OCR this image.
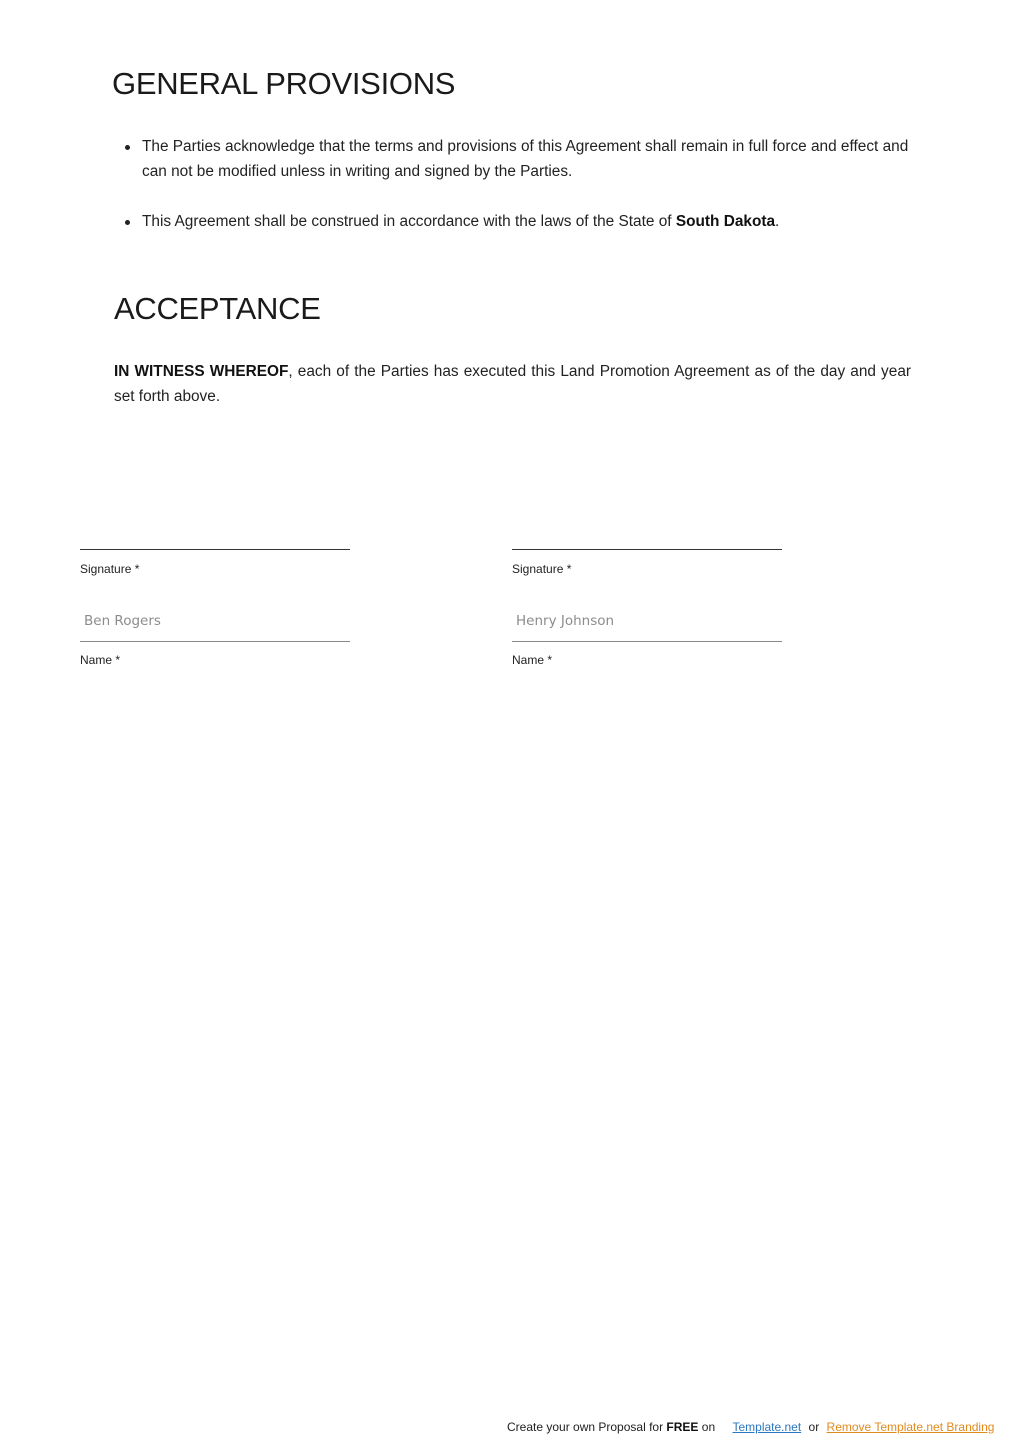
GENERAL PROVISIONS
The Parties acknowledge that the terms and provisions of this Agreement shall remain in full force and effect and can not be modified unless in writing and signed by the Parties.
This Agreement shall be construed in accordance with the laws of the State of South Dakota.
ACCEPTANCE

IN WITNESS WHEREOF, each of the Parties has executed this Land Promotion Agreement as of the day and year set forth above.

Signature *
Ben Rogers
Name *
Signature *
Henry Johnson
Name *
Create your own Proposal for FREE on Template.net or Remove Template.net Branding
